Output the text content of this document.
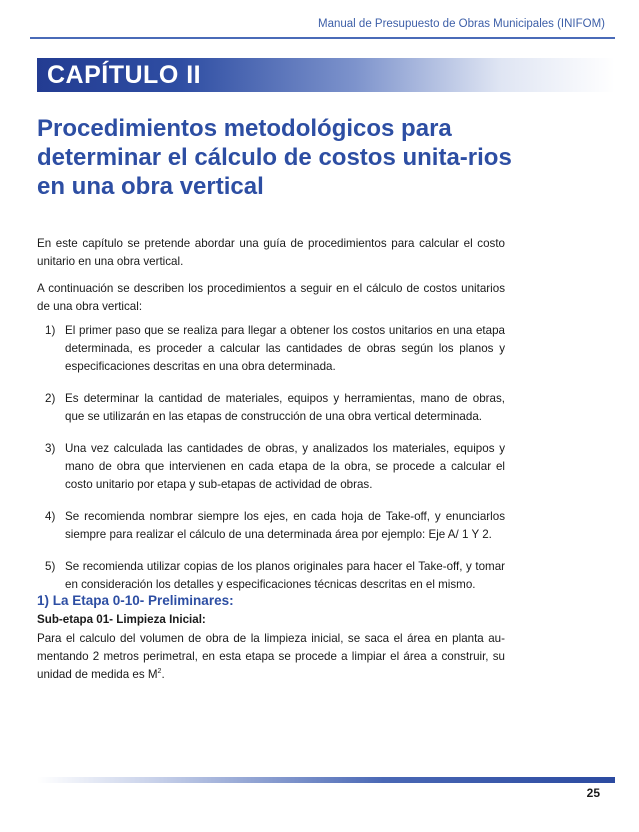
Manual de Presupuesto de Obras Municipales (INIFOM)
CAPÍTULO II
Procedimientos metodológicos para determinar el cálculo de costos unita-rios en una obra vertical

En este capítulo se pretende abordar una guía de procedimientos para calcular el costo unitario en una obra vertical.

A continuación se describen los procedimientos a seguir en el cálculo de costos unitarios de una obra vertical:

1) El primer paso que se realiza para llegar a obtener los costos unitarios en una etapa determinada, es proceder a calcular las cantidades de obras según los planos y especificaciones descritas en una obra determinada.
2) Es determinar la cantidad de materiales, equipos y herramientas, mano de obras, que se utilizarán en las etapas de construcción de una obra vertical determinada.
3) Una vez calculada las cantidades de obras, y analizados los materiales, equipos y mano de obra que intervienen en cada etapa de la obra, se procede a calcular el costo unitario por etapa y sub-etapas de actividad de obras.
4) Se recomienda nombrar siempre los ejes, en cada hoja de Take-off, y enunciarlos siempre para realizar el cálculo de una determinada área por ejemplo: Eje A/ 1 Y 2.
5) Se recomienda utilizar copias de los planos originales para hacer el Take-off, y tomar en consideración los detalles y especificaciones técnicas descritas en el mismo.
1) La Etapa 0-10- Preliminares:
Sub-etapa 01- Limpieza Inicial:

Para el calculo del volumen de obra de la limpieza inicial, se saca el área en planta au-mentando 2 metros perimetral, en esta etapa se procede a limpiar el área a construir, su unidad de medida es $M^2$.

25
